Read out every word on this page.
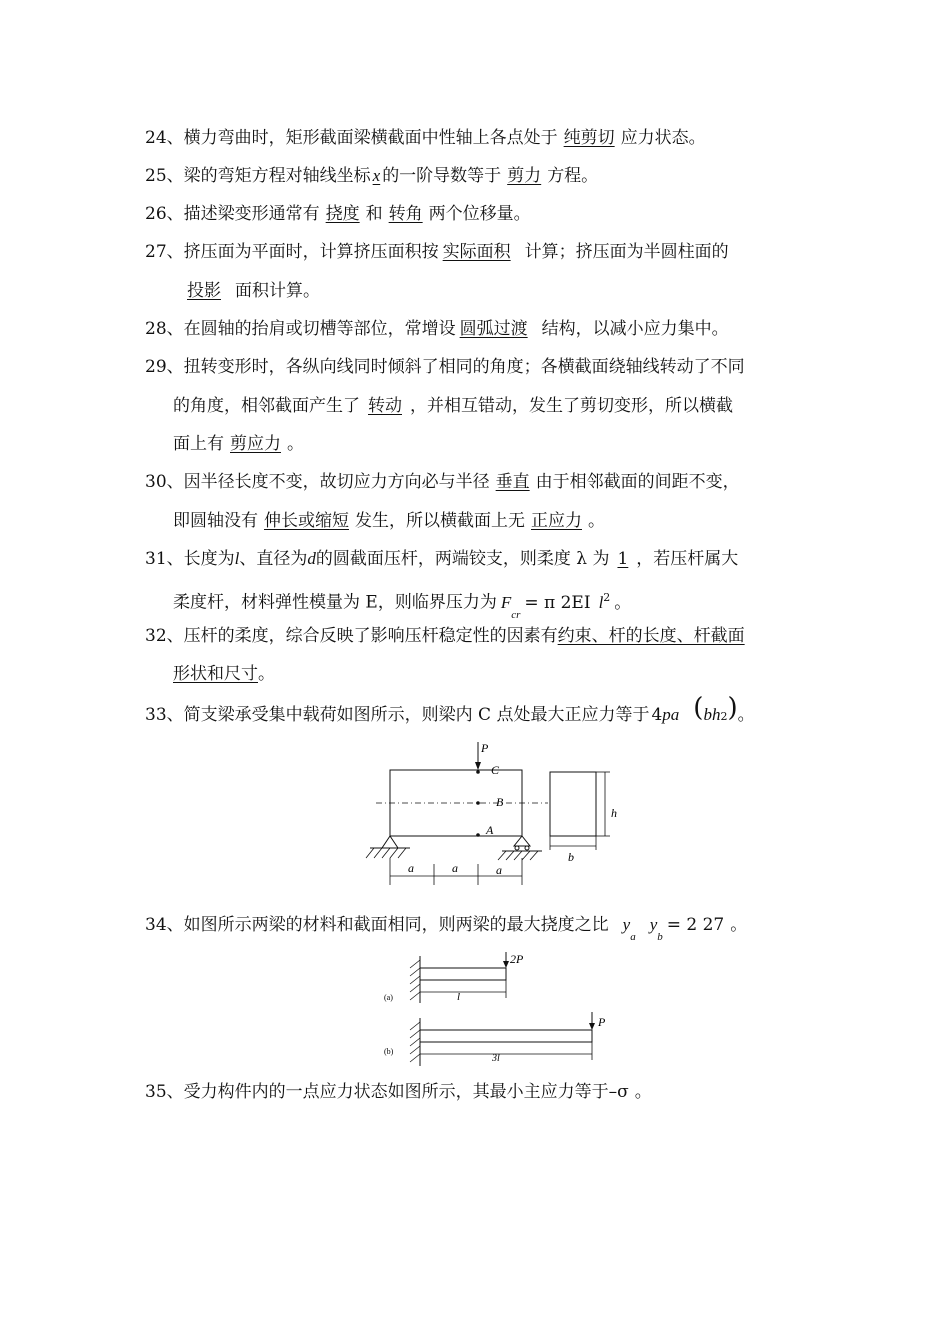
24、横力弯曲时，矩形截面梁横截面中性轴上各点处于 纯剪切 应力状态。
25、梁的弯矩方程对轴线坐标 x 的一阶导数等于 剪力 方程。
26、描述梁变形通常有 挠度 和 转角 两个位移量。
27、挤压面为平面时，计算挤压面积按 实际面积 计算；挤压面为半圆柱面的
投影 面积计算。
28、在圆轴的抬肩或切槽等部位，常增设 圆弧过渡 结构，以减小应力集中。
29、扭转变形时，各纵向线同时倾斜了相同的角度；各横截面绕轴线转动了不同
的角度，相邻截面产生了 转动 ，并相互错动，发生了剪切变形，所以横截
面上有 剪应力 。
30、因半径长度不变，故切应力方向必与半径 垂直 由于相邻截面的间距不变，
即圆轴没有 伸长或缩短 发生，所以横截面上无 正应力 。
31、长度为l、直径为d的圆截面压杆，两端铰支，则柔度 λ 为 1 ，若压杆属大
柔度杆，材料弹性模量为 E，则临界压力为 $F_{cr}= \pi$ 2EI $l^2$ 。
32、压杆的柔度，综合反映了影响压杆稳定性的因素有约束、杆的长度、杆截面
形状和尺寸。
33、简支梁承受集中载荷如图所示，则梁内 C 点处最大正应力等于 4pa (bh2)。
P
C
B
A
a	a	a
h
b
34、如图所示两梁的材料和截面相同，则两梁的最大挠度之比 $y_ay_b= 2$ 27 。
(a)
2P
l
(b)
P
3l
35、受力构件内的一点应力状态如图所示，其最小主应力等于–σ 。
